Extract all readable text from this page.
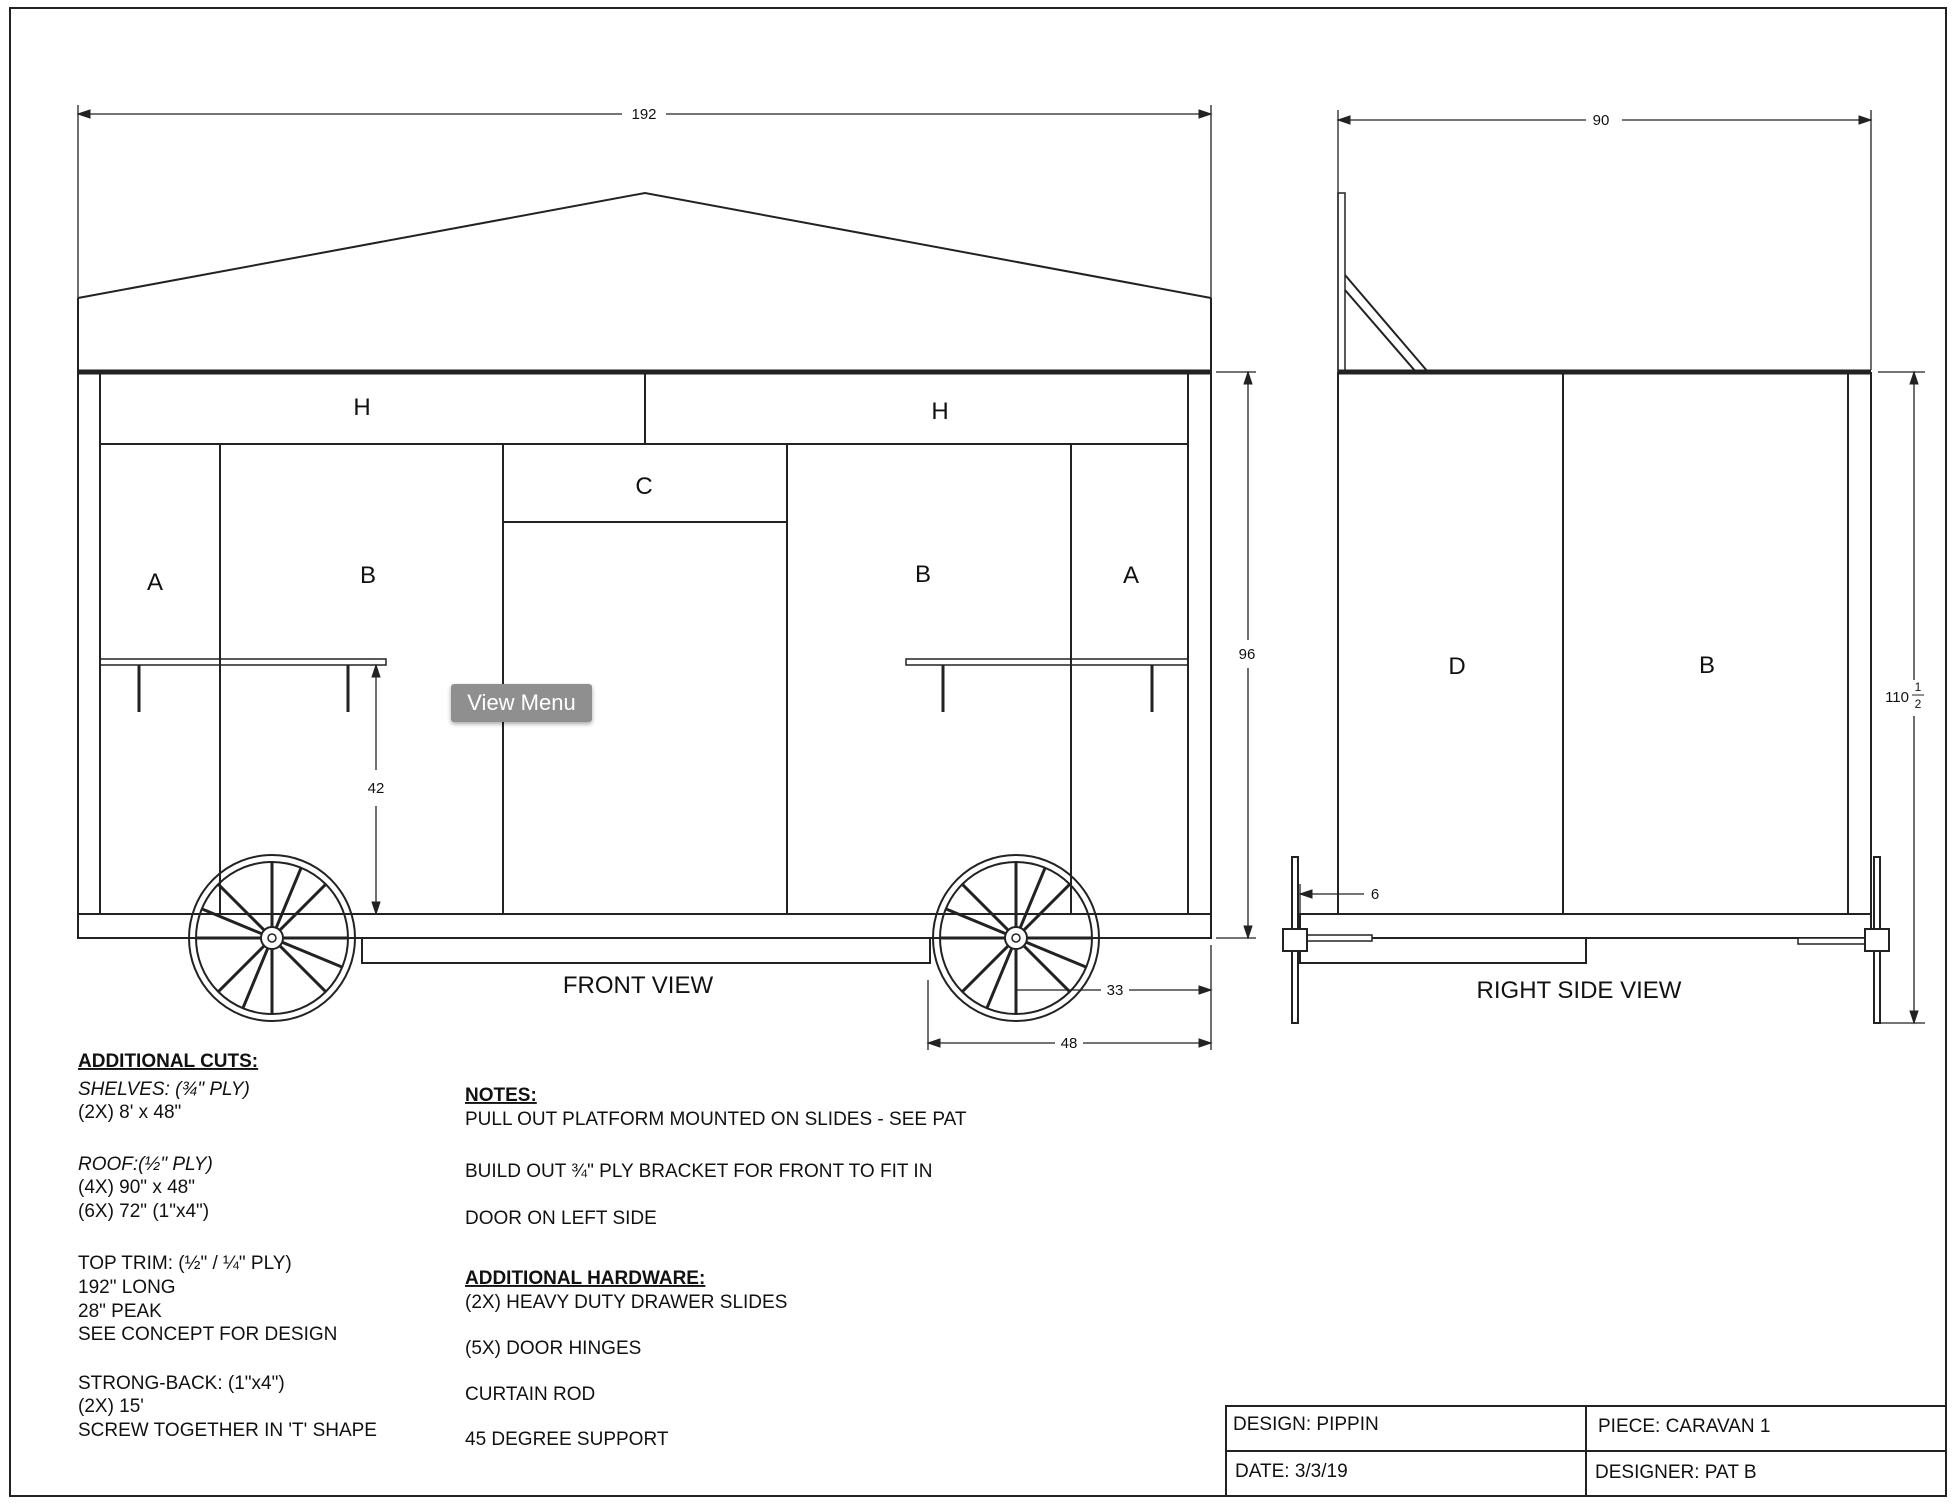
192
96
42
33
48
H	H
C
A	B	B	A
FRONT VIEW
90
6
110
1
2
D	B
RIGHT SIDE VIEW
ADDITIONAL CUTS:
SHELVES: (¾" PLY)
(2X) 8' x 48"
ROOF:(½" PLY)
(4X) 90" x 48"
(6X) 72" (1"x4")
TOP TRIM: (½" / ¼" PLY)
192" LONG
28" PEAK
SEE CONCEPT FOR DESIGN
STRONG-BACK: (1"x4")
(2X) 15'
SCREW TOGETHER IN 'T' SHAPE
NOTES:
PULL OUT PLATFORM MOUNTED ON SLIDES - SEE PAT
BUILD OUT ¾" PLY BRACKET FOR FRONT TO FIT IN
DOOR ON LEFT SIDE
ADDITIONAL HARDWARE:
(2X) HEAVY DUTY DRAWER SLIDES
(5X) DOOR HINGES
CURTAIN ROD
45 DEGREE SUPPORT
DESIGN: PIPPIN	PIECE: CARAVAN 1
DATE: 3/3/19	DESIGNER: PAT B
View Menu
